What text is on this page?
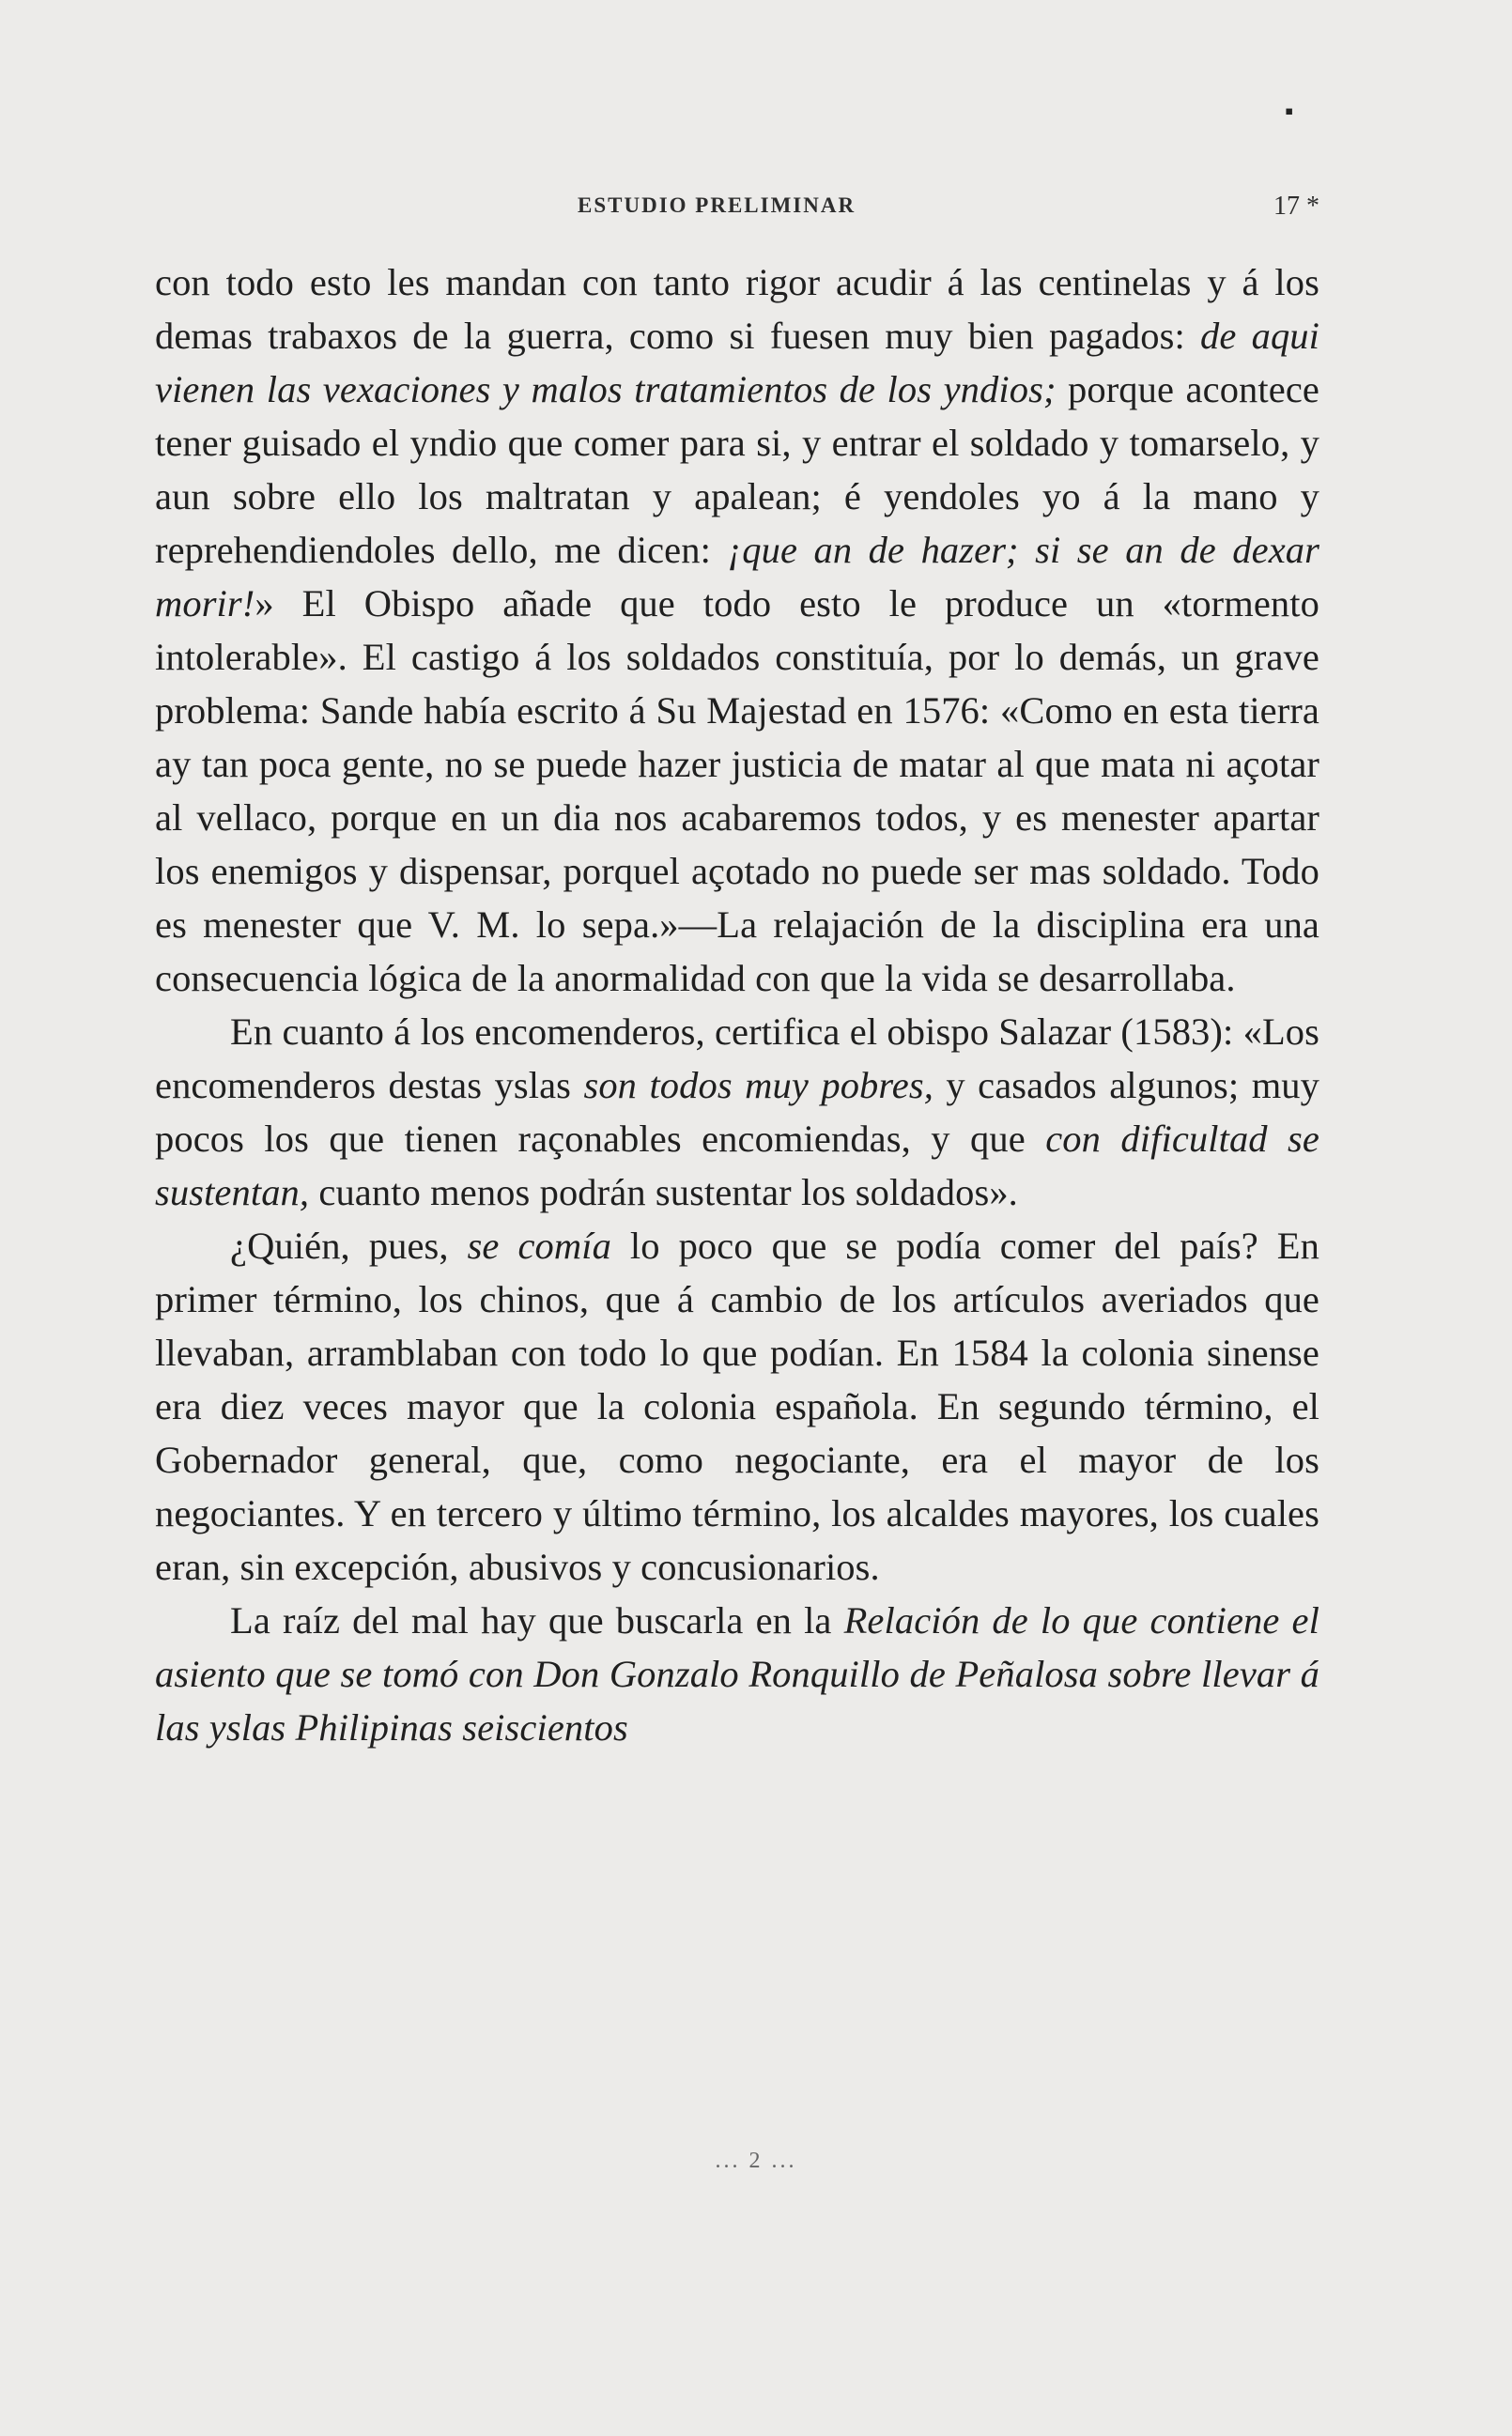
▪
ESTUDIO PRELIMINAR	17 *

con todo esto les mandan con tanto rigor acudir á las centinelas y á los demas trabaxos de la guerra, como si fuesen muy bien pagados: de aqui vienen las vexaciones y malos tratamientos de los yndios; porque acontece tener guisado el yndio que comer para si, y entrar el soldado y tomarselo, y aun sobre ello los maltratan y apalean; é yendoles yo á la mano y reprehendiendoles dello, me dicen: ¡que an de hazer; si se an de dexar morir!» El Obispo añade que todo esto le produce un «tormento intolerable». El castigo á los soldados constituía, por lo demás, un grave problema: Sande había escrito á Su Majestad en 1576: «Como en esta tierra ay tan poca gente, no se puede hazer justicia de matar al que mata ni açotar al vellaco, porque en un dia nos acabaremos todos, y es menester apartar los enemigos y dispensar, porquel açotado no puede ser mas soldado. Todo es menester que V. M. lo sepa.»—La relajación de la disciplina era una consecuencia lógica de la anormalidad con que la vida se desarrollaba.

En cuanto á los encomenderos, certifica el obispo Salazar (1583): «Los encomenderos destas yslas son todos muy pobres, y casados algunos; muy pocos los que tienen raçonables encomiendas, y que con dificultad se sustentan, cuanto menos podrán sustentar los soldados».

¿Quién, pues, se comía lo poco que se podía comer del país? En primer término, los chinos, que á cambio de los artículos averiados que llevaban, arramblaban con todo lo que podían. En 1584 la colonia sinense era diez veces mayor que la colonia española. En segundo término, el Gobernador general, que, como negociante, era el mayor de los negociantes. Y en tercero y último término, los alcaldes mayores, los cuales eran, sin excepción, abusivos y concusionarios.

La raíz del mal hay que buscarla en la Relación de lo que contiene el asiento que se tomó con Don Gonzalo Ronquillo de Peñalosa sobre llevar á las yslas Philipinas seiscientos

... 2 ...
